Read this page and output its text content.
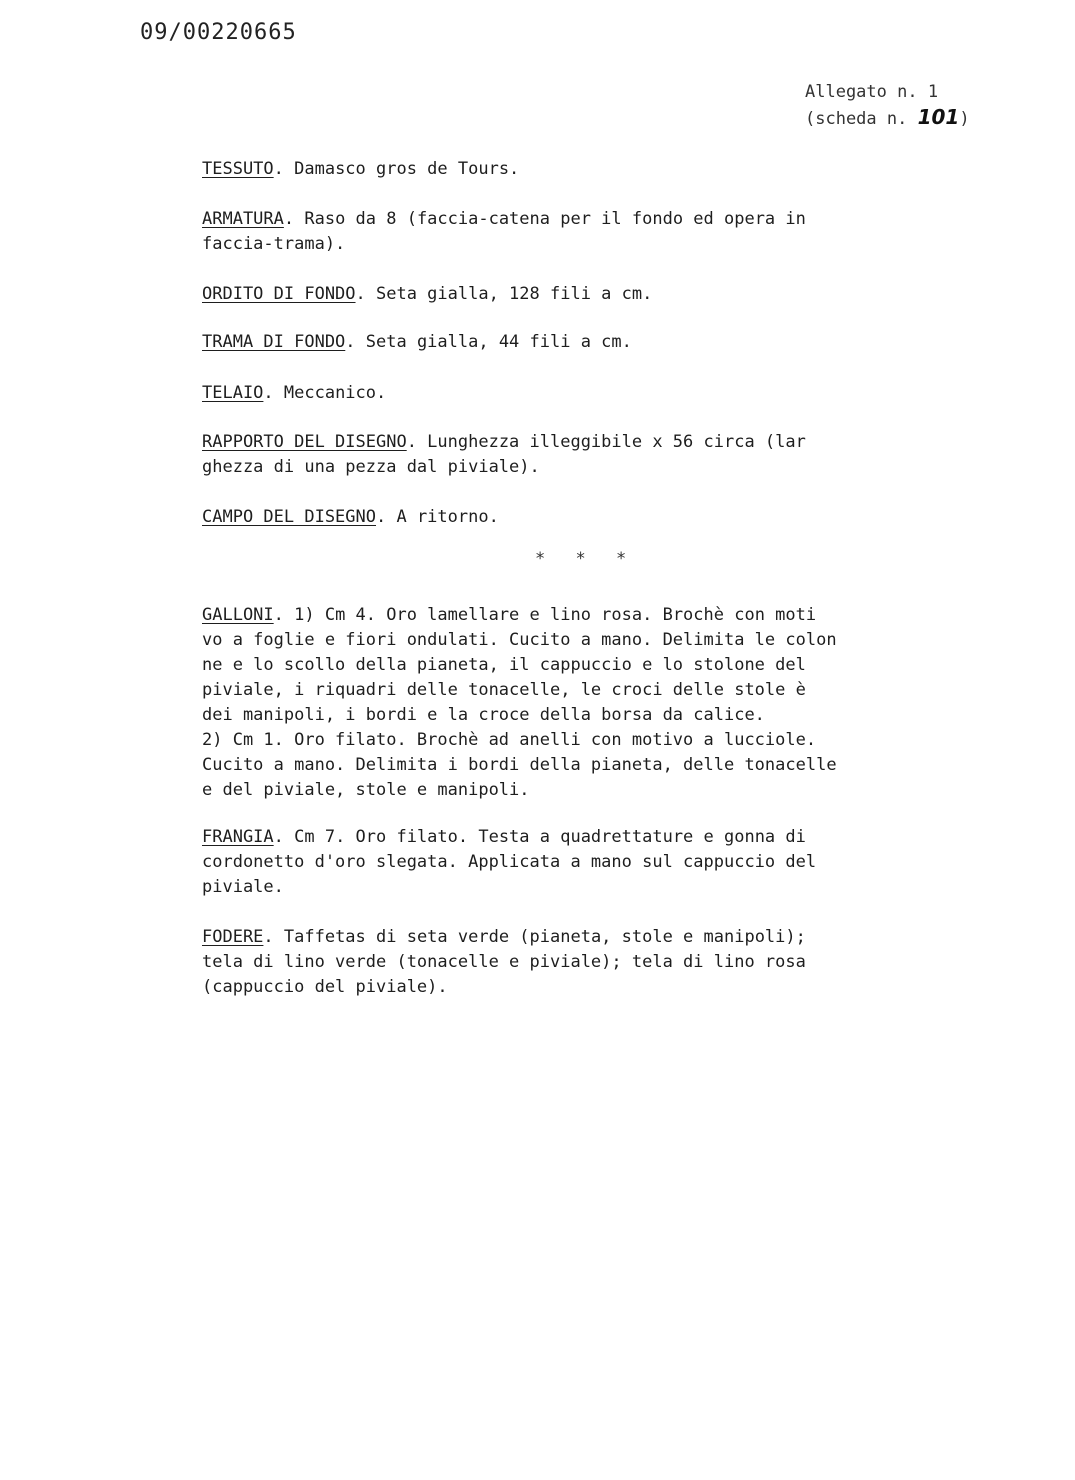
09/00220665
Allegato n. 1
(scheda n. 101)

TESSUTO. Damasco gros de Tours.

ARMATURA. Raso da 8 (faccia-catena per il fondo ed opera in

faccia-trama).

ORDITO DI FONDO. Seta gialla, 128 fili a cm.

TRAMA DI FONDO. Seta gialla, 44 fili a cm.

TELAIO. Meccanico.

RAPPORTO DEL DISEGNO. Lunghezza illeggibile x 56 circa (lar

ghezza di una pezza dal piviale).

CAMPO DEL DISEGNO. A ritorno.

* * *

GALLONI. 1) Cm 4. Oro lamellare e lino rosa. Brochè con moti

vo a foglie e fiori ondulati. Cucito a mano. Delimita le colon

ne e lo scollo della pianeta, il cappuccio e lo stolone del

piviale, i riquadri delle tonacelle, le croci delle stole è

dei manipoli, i bordi e la croce della borsa da calice.

2) Cm 1. Oro filato. Brochè ad anelli con motivo a lucciole.

Cucito a mano. Delimita i bordi della pianeta, delle tonacelle

e del piviale, stole e manipoli.

FRANGIA. Cm 7. Oro filato. Testa a quadrettature e gonna di

cordonetto d'oro slegata. Applicata a mano sul cappuccio del

piviale.

FODERE. Taffetas di seta verde (pianeta, stole e manipoli);

tela di lino verde (tonacelle e piviale); tela di lino rosa

(cappuccio del piviale).
